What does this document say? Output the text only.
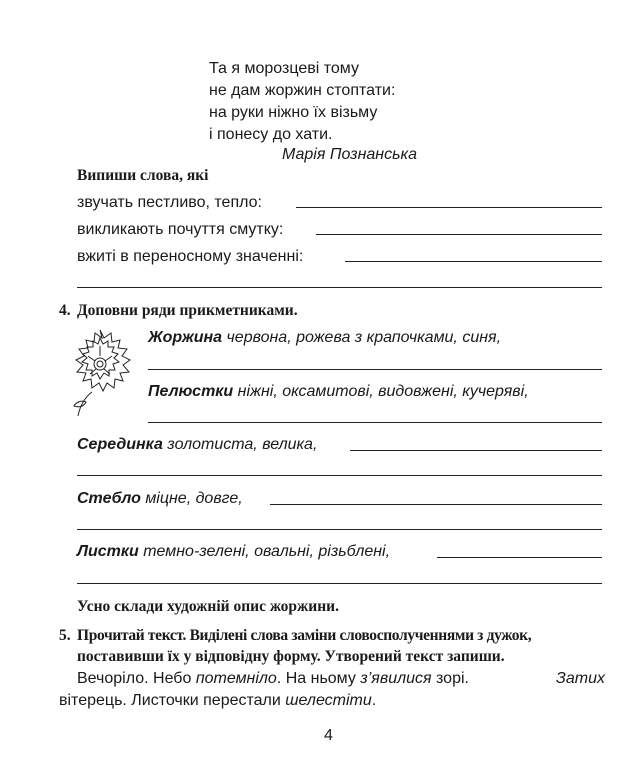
Та я морозцеві тому
не дам жоржин стоптати:
на руки ніжно їх візьму
і понесу до хати.
Марія Познанська
Випиши слова, які
звучать пестливо, тепло:
викликають почуття смутку:
вжиті в переносному значенні:
4. Доповни ряди прикметниками.
Жоржина червона, рожева з крапочками, синя,
Пелюстки ніжні, оксамитові, видовжені, кучеряві,
Серединка золотиста, велика,
Стебло міцне, довге,
Листки темно-зелені, овальні, різьблені,
Усно склади художній опис жоржини.
5. Прочитай текст. Виділені слова заміни словосполученнями з дужок,
поставивши їх у відповідну форму. Утворений текст запиши.
Вечоріло. Небо потемніло. На ньому з’явилися зорі.	Затих
вітерець. Листочки перестали шелестіти.
4
